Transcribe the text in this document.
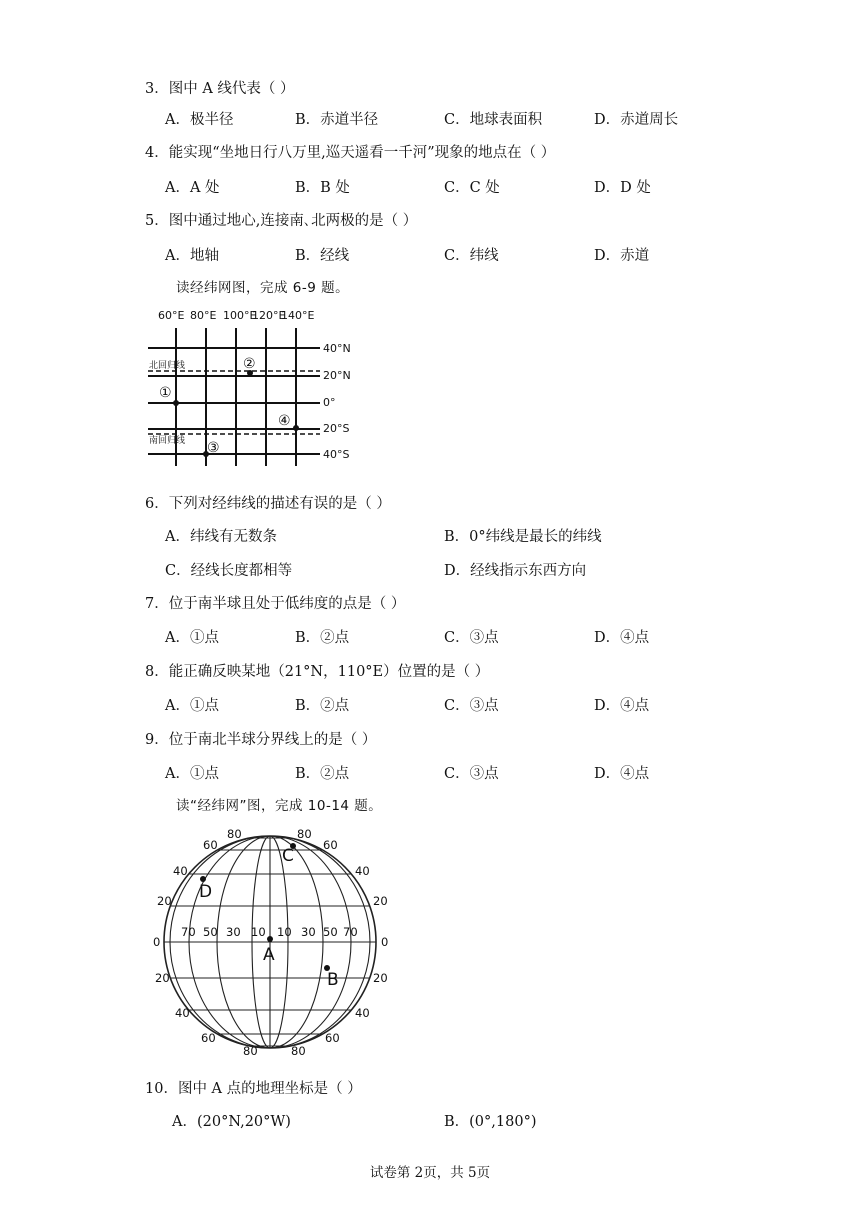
3．图中 A 线代表（ ）
A．极半径	B．赤道半径	C．地球表面积	D．赤道周长
4．能实现“坐地日行八万里,巡天遥看一千河”现象的地点在（ ）
A．A 处	B．B 处	C．C 处	D．D 处
5．图中通过地心,连接南､北两极的是（ ）
A．地轴	B．经线	C．纬线	D．赤道
读经纬网图，完成 6-9 题。
60°E 80°E 100°E
120°E
140°E
北回归线
南回归线
40°N
20°N
0°
20°S
40°S
①
②
③
④
6．下列对经纬线的描述有误的是（ ）
A．纬线有无数条	B．0°纬线是最长的纬线
C．经线长度都相等	D．经线指示东西方向
7．位于南半球且处于低纬度的点是（ ）
A．①点	B．②点	C．③点	D．④点
8．能正确反映某地（21°N，110°E）位置的是（ ）
A．①点	B．②点	C．③点	D．④点
9．位于南北半球分界线上的是（ ）
A．①点	B．②点	C．③点	D．④点
读“经纬网”图，完成 10-14 题。
80
60
40
20
80
60
40
20
0	0
20
40
60
80
20
40
60
80
70 50 30 10 10 30 50 70
A
B
C
D
10．图中 A 点的地理坐标是（ ）
A．(20°N,20°W)	B．(0°,180°)
试卷第 2页，共 5页
